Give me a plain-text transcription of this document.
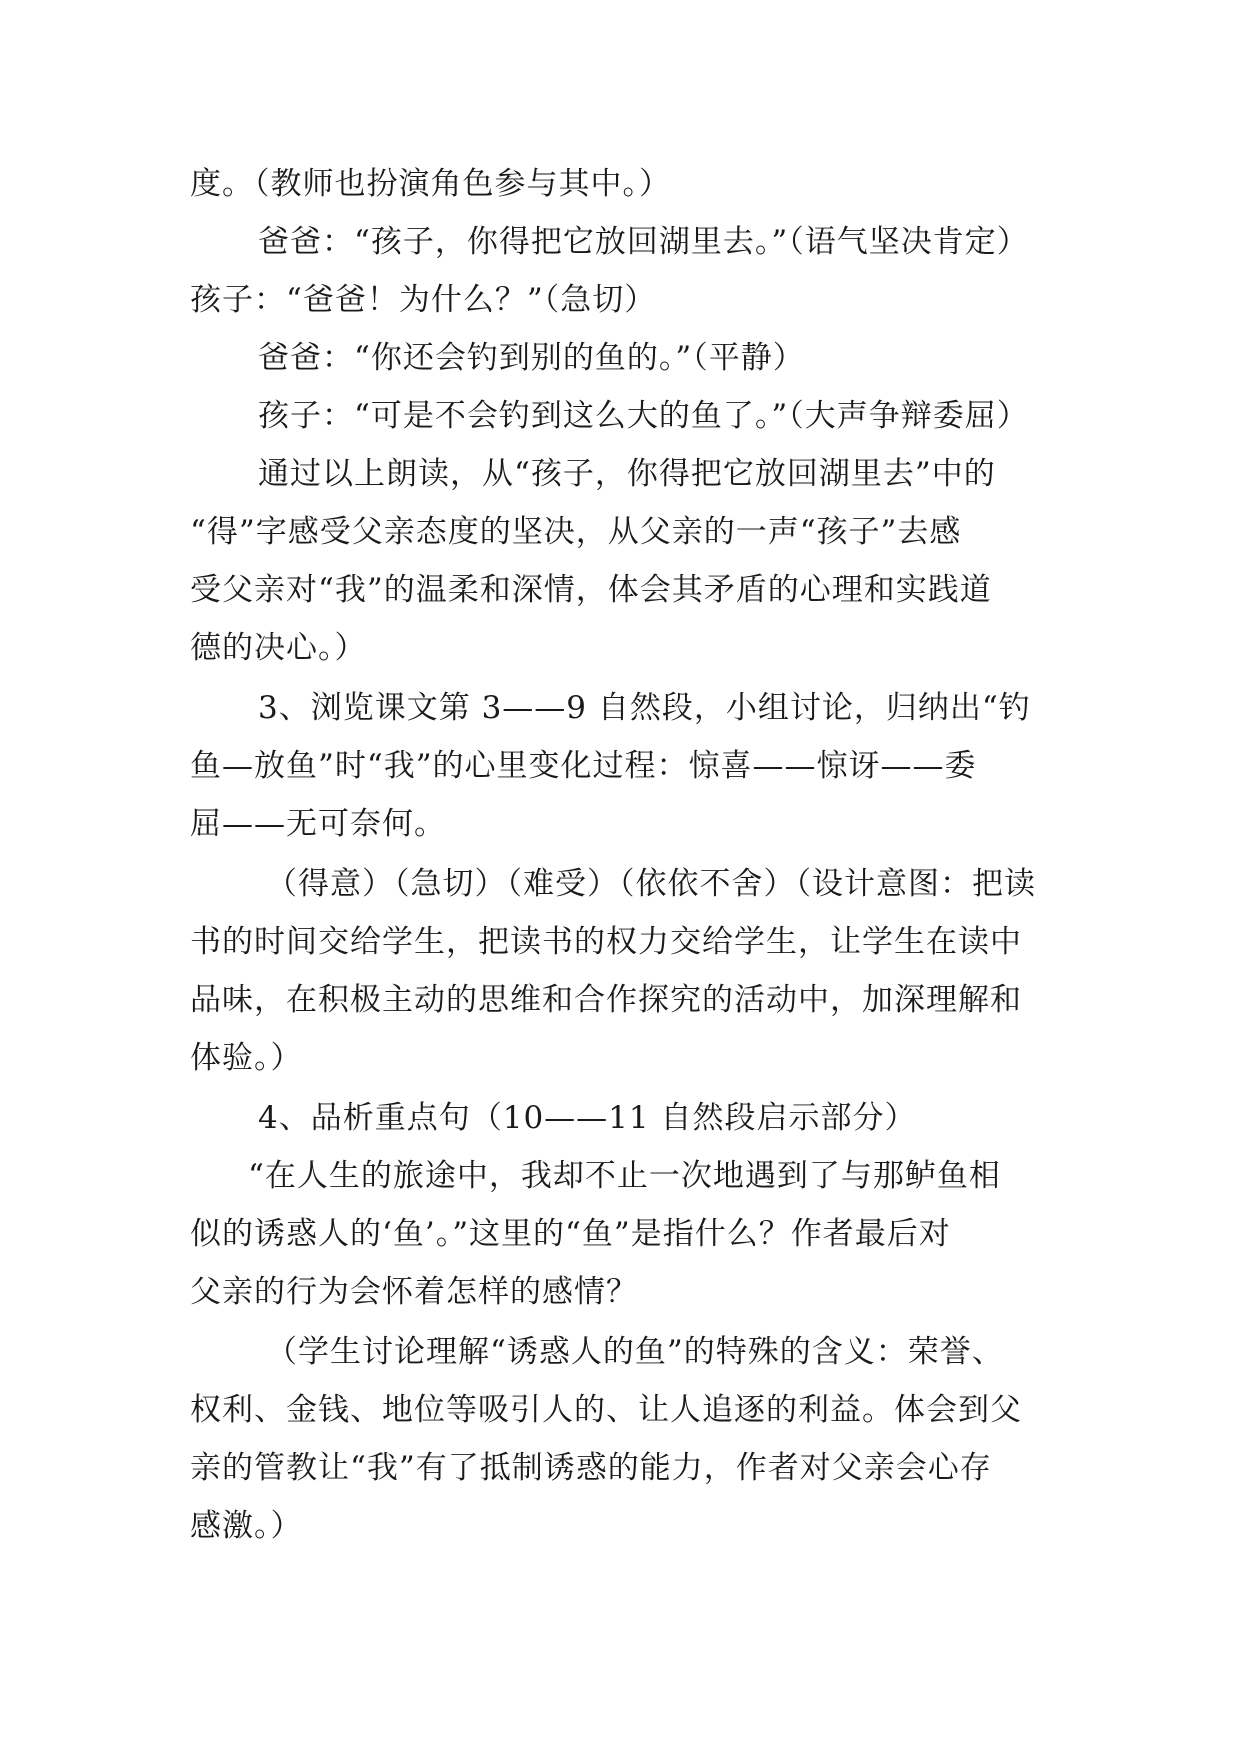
度。（教师也扮演角色参与其中。）

爸爸：“孩子，你得把它放回湖里去。”（语气坚决肯定）

孩子：“爸爸！为什么？”（急切）

爸爸：“你还会钓到别的鱼的。”（平静）

孩子：“可是不会钓到这么大的鱼了。”（大声争辩委屈）

通过以上朗读，从“孩子，你得把它放回湖里去”中的

“得”字感受父亲态度的坚决，从父亲的一声“孩子”去感

受父亲对“我”的温柔和深情，体会其矛盾的心理和实践道

德的决心。）

3、浏览课文第 3——9 自然段，小组讨论，归纳出“钓

鱼—放鱼”时“我”的心里变化过程：惊喜——惊讶——委

屈——无可奈何。

（得意）（急切）（难受）（依依不舍）（设计意图：把读

书的时间交给学生，把读书的权力交给学生，让学生在读中

品味，在积极主动的思维和合作探究的活动中，加深理解和

体验。）

4、品析重点句（10——11 自然段启示部分）

“在人生的旅途中，我却不止一次地遇到了与那鲈鱼相

似的诱惑人的‘鱼’。”这里的“鱼”是指什么？作者最后对

父亲的行为会怀着怎样的感情？

（学生讨论理解“诱惑人的鱼”的特殊的含义：荣誉、

权利、金钱、地位等吸引人的、让人追逐的利益。体会到父

亲的管教让“我”有了抵制诱惑的能力，作者对父亲会心存

感激。）
